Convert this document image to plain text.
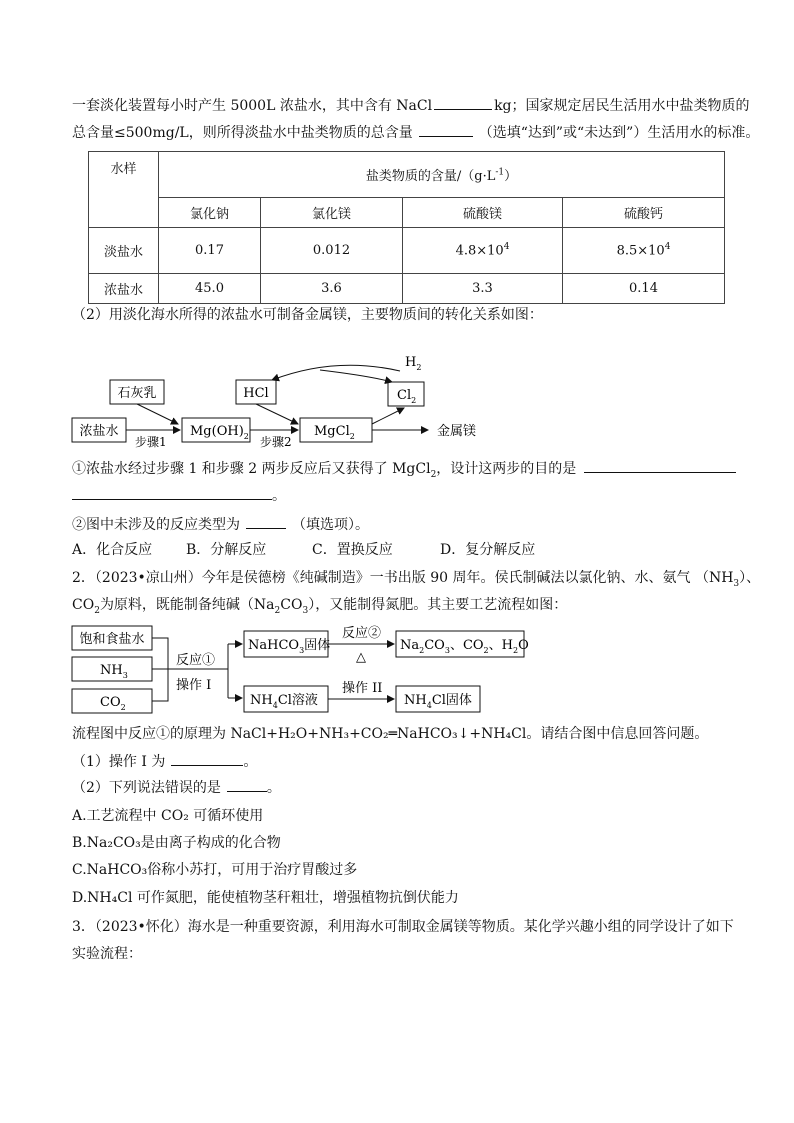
一套淡化装置每小时产生 5000L 浓盐水，其中含有 NaCl	kg；国家规定居民生活用水中盐类物质的
总含量≤500mg/L，则所得淡盐水中盐类物质的总含量	（选填“达到”或“未达到”）生活用水的标准。
水样	盐类物质的含量$/(g\cdot L^{-1})$			
	氯化钠	氯化镁	硫酸镁	硫酸钙
淡盐水	0.17	0.012	$4.8\times 10^4$	$8.5\times 10^4$
浓盐水	45.0	3.6	3.3	0.14
（2）用淡化海水所得的浓盐水可制备金属镁，主要物质间的转化关系如图：
$H_2$
石灰乳	HCl	$Cl_2$
浓盐水
步骤1
$Mg(OH)_2$ 步骤2
MgCl$_2$	金属镁
①浓盐水经过步骤 1 和步骤 2 两步反应后又获得了 MgCl$_2$，设计这两步的目的是
。
②图中未涉及的反应类型为	（填选项）。
A．化合反应 B．分解反应	C．置换反应	D．复分解反应
2．（2023•凉山州）今年是侯德榜《纯碱制造》一书出版 90 周年。侯氏制碱法以氯化钠、水、氨气 $(NH_3)$、
$CO_2$为原料，既能制备纯碱$(Na_2CO_3)$，又能制得氮肥。其主要工艺流程如图：
饱和食盐水
$NH_3$
$CO_2$
反应①
操作 I
NaHCO$_3$固体
反应②
△
$Na_2CO_3$、$CO_2$、$H_2O$
$NH_4Cl$溶液
操作 II
$NH_4Cl$固体
流程图中反应①的原理为 NaCl+H₂O+NH₃+CO₂═NaHCO₃↓+NH₄Cl。请结合图中信息回答问题。
（1）操作 I 为	。
（2）下列说法错误的是	。
A.工艺流程中 CO₂ 可循环使用
B.Na₂CO₃是由离子构成的化合物
C.NaHCO₃俗称小苏打，可用于治疗胃酸过多
D.NH₄Cl 可作氮肥，能使植物茎秆粗壮，增强植物抗倒伏能力
3．（2023•怀化）海水是一种重要资源，利用海水可制取金属镁等物质。某化学兴趣小组的同学设计了如下
实验流程：
